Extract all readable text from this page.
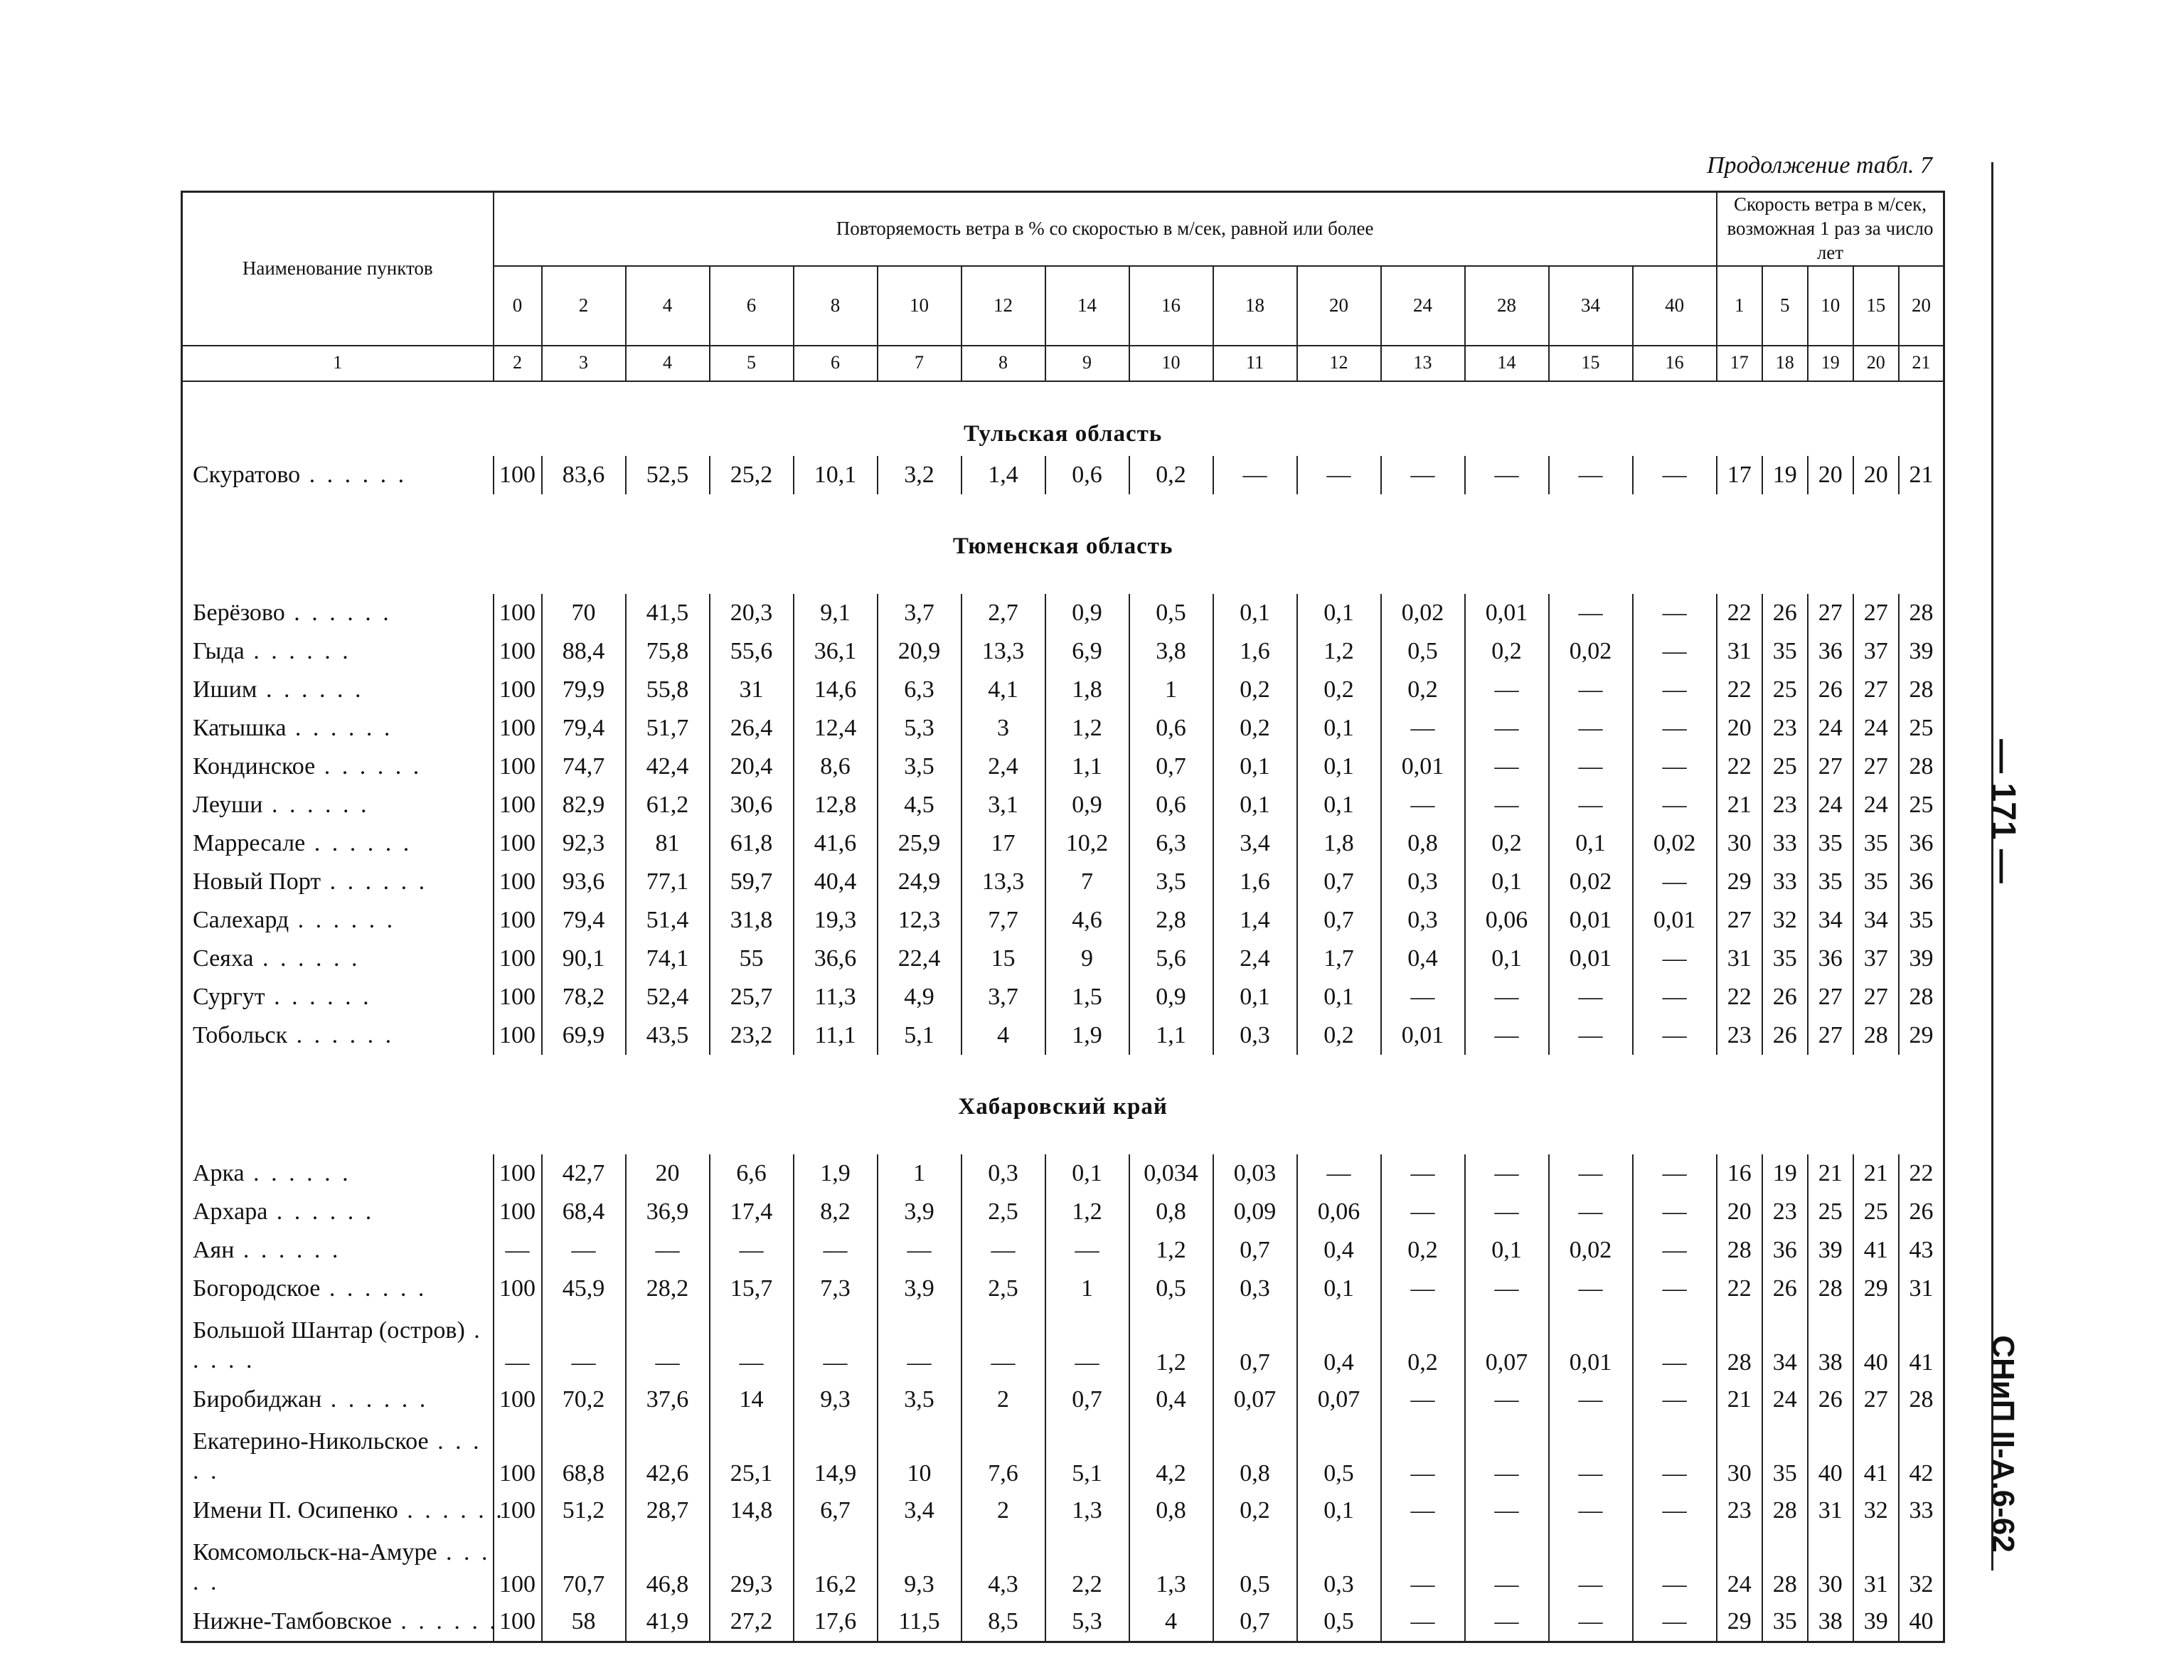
Продолжение табл. 7
— 171 —
СНиП II-А.6-62
Наименование пунктов	Повторяемость ветра в % со скоростью в м/сек, равной или более															Скорость ветра в м/сек, возможная 1 раз за число лет				
	0	2	4	6	8	10	12	14	16	18	20	24	28	34	40	1	5	10	15	20
1	2	3	4	5	6	7	8	9	10	11	12	13	14	15	16	17	18	19	20	21
Тульская область																				
Скуратово . . . . . .	100	83,6	52,5	25,2	10,1	3,2	1,4	0,6	0,2	—	—	—	—	—	—	17	19	20	20	21
Тюменская область																				

Берёзово . . . . . .	100	70	41,5	20,3	9,1	3,7	2,7	0,9	0,5	0,1	0,1	0,02	0,01	—	—	22	26	27	27	28
Гыда . . . . . .	100	88,4	75,8	55,6	36,1	20,9	13,3	6,9	3,8	1,6	1,2	0,5	0,2	0,02	—	31	35	36	37	39
Ишим . . . . . .	100	79,9	55,8	31	14,6	6,3	4,1	1,8	1	0,2	0,2	0,2	—	—	—	22	25	26	27	28
Катышка . . . . . .	100	79,4	51,7	26,4	12,4	5,3	3	1,2	0,6	0,2	0,1	—	—	—	—	20	23	24	24	25
Кондинское . . . . . .	100	74,7	42,4	20,4	8,6	3,5	2,4	1,1	0,7	0,1	0,1	0,01	—	—	—	22	25	27	27	28
Леуши . . . . . .	100	82,9	61,2	30,6	12,8	4,5	3,1	0,9	0,6	0,1	0,1	—	—	—	—	21	23	24	24	25
Марресале . . . . . .	100	92,3	81	61,8	41,6	25,9	17	10,2	6,3	3,4	1,8	0,8	0,2	0,1	0,02	30	33	35	35	36
Новый Порт . . . . . .	100	93,6	77,1	59,7	40,4	24,9	13,3	7	3,5	1,6	0,7	0,3	0,1	0,02	—	29	33	35	35	36
Салехард . . . . . .	100	79,4	51,4	31,8	19,3	12,3	7,7	4,6	2,8	1,4	0,7	0,3	0,06	0,01	0,01	27	32	34	34	35
Сеяха . . . . . .	100	90,1	74,1	55	36,6	22,4	15	9	5,6	2,4	1,7	0,4	0,1	0,01	—	31	35	36	37	39
Сургут . . . . . .	100	78,2	52,4	25,7	11,3	4,9	3,7	1,5	0,9	0,1	0,1	—	—	—	—	22	26	27	27	28
Тобольск . . . . . .	100	69,9	43,5	23,2	11,1	5,1	4	1,9	1,1	0,3	0,2	0,01	—	—	—	23	26	27	28	29
Хабаровский край																				

Арка . . . . . .	100	42,7	20	6,6	1,9	1	0,3	0,1	0,034	0,03	—	—	—	—	—	16	19	21	21	22
Архара . . . . . .	100	68,4	36,9	17,4	8,2	3,9	2,5	1,2	0,8	0,09	0,06	—	—	—	—	20	23	25	25	26
Аян . . . . . .	—	—	—	—	—	—	—	—	1,2	0,7	0,4	0,2	0,1	0,02	—	28	36	39	41	43
Богородское . . . . . .	100	45,9	28,2	15,7	7,3	3,9	2,5	1	0,5	0,3	0,1	—	—	—	—	22	26	28	29	31
Большой Шантар (остров) . . . . .	—	—	—	—	—	—	—	—	1,2	0,7	0,4	0,2	0,07	0,01	—	28	34	38	40	41
Биробиджан . . . . . .	100	70,2	37,6	14	9,3	3,5	2	0,7	0,4	0,07	0,07	—	—	—	—	21	24	26	27	28
Екатерино-Никольское . . . . .	100	68,8	42,6	25,1	14,9	10	7,6	5,1	4,2	0,8	0,5	—	—	—	—	30	35	40	41	42
Имени П. Осипенко . . . . . .	100	51,2	28,7	14,8	6,7	3,4	2	1,3	0,8	0,2	0,1	—	—	—	—	23	28	31	32	33
Комсомольск-на-Амуре . . . . .	100	70,7	46,8	29,3	16,2	9,3	4,3	2,2	1,3	0,5	0,3	—	—	—	—	24	28	30	31	32
Нижне-Тамбовское . . . . . .	100	58	41,9	27,2	17,6	11,5	8,5	5,3	4	0,7	0,5	—	—	—	—	29	35	38	39	40
